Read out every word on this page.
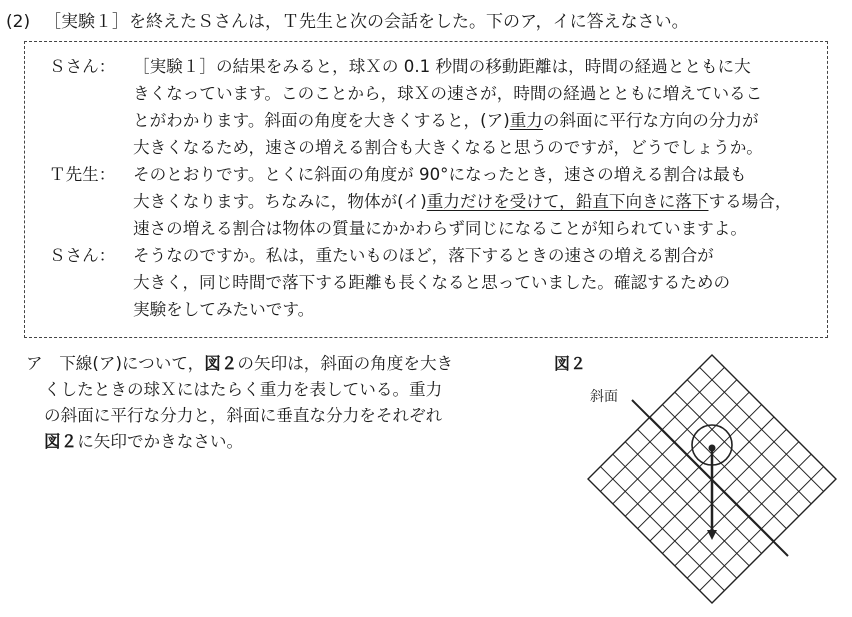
(2) ［実験１］を終えたＳさんは，Ｔ先生と次の会話をした。下のア，イに答えなさい。
Ｓさん： ［実験１］の結果をみると，球Ｘの 0.1 秒間の移動距離は，時間の経過とともに大
きくなっています。このことから，球Ｘの速さが，時間の経過とともに増えているこ
とがわかります。斜面の角度を大きくすると，(ア)重力の斜面に平行な方向の分力が
大きくなるため，速さの増える割合も大きくなると思うのですが，どうでしょうか。
Ｔ先生： そのとおりです。とくに斜面の角度が 90°になったとき，速さの増える割合は最も
大きくなります。ちなみに，物体が(イ)重力だけを受けて，鉛直下向きに落下する場合，
速さの増える割合は物体の質量にかかわらず同じになることが知られていますよ。
Ｓさん： そうなのですか。私は，重たいものほど，落下するときの速さの増える割合が
大きく，同じ時間で落下する距離も長くなると思っていました。確認するための
実験をしてみたいです。
ア　 下線(ア)について，図２の矢印は，斜面の角度を大き
くしたときの球Ｘにはたらく重力を表している。重力
の斜面に平行な分力と，斜面に垂直な分力をそれぞれ
図２に矢印でかきなさい。
図２
斜面
